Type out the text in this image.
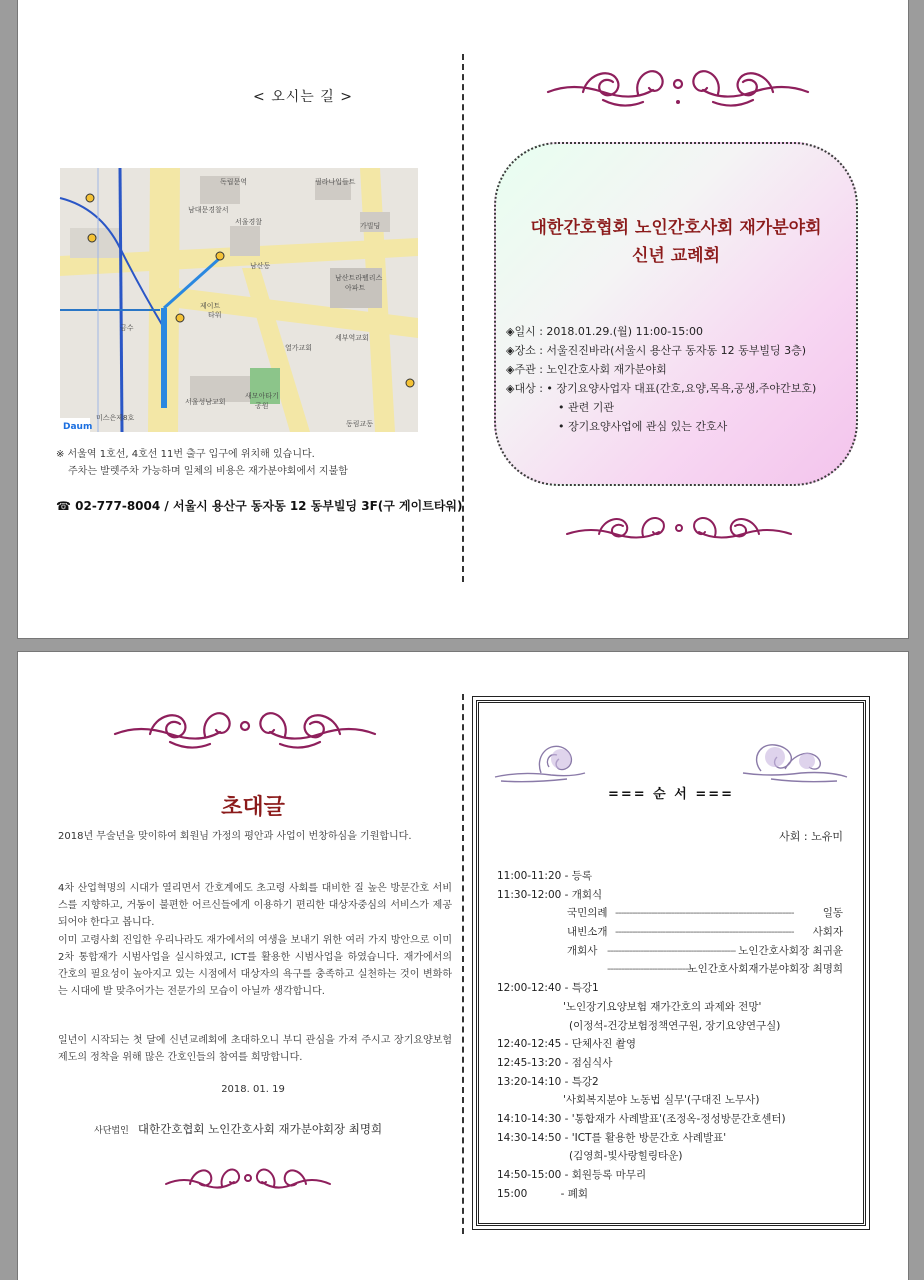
< 오시는 길 >
독립문역	필라나입들트
남대문경찰서
서울경찰	가빌딩
남산트라펠리스
아파트
남산동
제이트
타워
금수
세부역교회
열가교회
서울성남교회
새모아타기
공원
미스은제8호
동림교동
Daum
※ 서울역 1호선, 4호선 11번 출구 입구에 위치해 있습니다.
주차는 발렛주차 가능하며 일체의 비용은 재가분야회에서 지불함
☎ 02-777-8004 / 서울시 용산구 동자동 12 동부빌딩 3F(구 게이트타워)
대한간호협회 노인간호사회 재가분야회
신년 교례회
◈일시 : 2018.01.29.(월) 11:00-15:00
◈장소 : 서울진진바라(서울시 용산구 동자동 12 동부빌딩 3층)
◈주관 : 노인간호사회 재가분야회
◈대상 : • 장기요양사업자 대표(간호,요양,목욕,공생,주야간보호)
• 관련 기관
• 장기요양사업에 관심 있는 간호사
초대글
2018년 무술년을 맞이하여 회원님 가정의 평안과 사업이 번창하심을 기원합니다.
4차 산업혁명의 시대가 열리면서 간호계에도 초고령 사회를 대비한 질 높은 방문간호 서비스를 지향하고, 거동이 불편한 어르신들에게 이용하기 편리한 대상자중심의 서비스가 제공되어야 한다고 봅니다.
이미 고령사회 진입한 우리나라도 재가에서의 여생을 보내기 위한 여러 가지 방안으로 이미 2차 통합재가 시범사업을 실시하였고, ICT를 활용한 시범사업을 하였습니다. 재가에서의 간호의 필요성이 높아지고 있는 시점에서 대상자의 욕구를 충족하고 실천하는 것이 변화하는 시대에 발 맞추어가는 전문가의 모습이 아닐까 생각합니다.
일년이 시작되는 첫 달에 신년교례회에 초대하오니 부디 관심을 가져 주시고 장기요양보험제도의 정착을 위해 많은 간호인들의 참여를 희망합니다.
2018. 01. 19
사단법인 대한간호협회 노인간호사회 재가분야회장 최명희
=== 순 서 ===
사회 : 노유미
11:00-11:20 - 등록
11:30-12:00 - 개회식
국민의례 ----------------------------------------------------------------	일동
내빈소개 ----------------------------------------------------------------	사회자
개회사 ---------------------------------------------- 노인간호사회장 최귀윤
------------------------------
노인간호사회재가분야회장 최명희
12:00-12:40 - 특강1
'노인장기요양보험 재가간호의 과제와 전망'
(이정석-건강보험정책연구원, 장기요양연구실)
12:40-12:45 - 단체사진 촬영
12:45-13:20 - 점심식사
13:20-14:10 - 특강2
'사회복지분야 노동법 실무'(구대진 노무사)
14:10-14:30 - '통합재가 사례발표'(조정옥-정성방문간호센터)
14:30-14:50 - 'ICT를 활용한 방문간호 사례발표'
(김영희-빛사랑힐링타운)
14:50-15:00 - 회원등록 마무리
15:00          - 폐회
